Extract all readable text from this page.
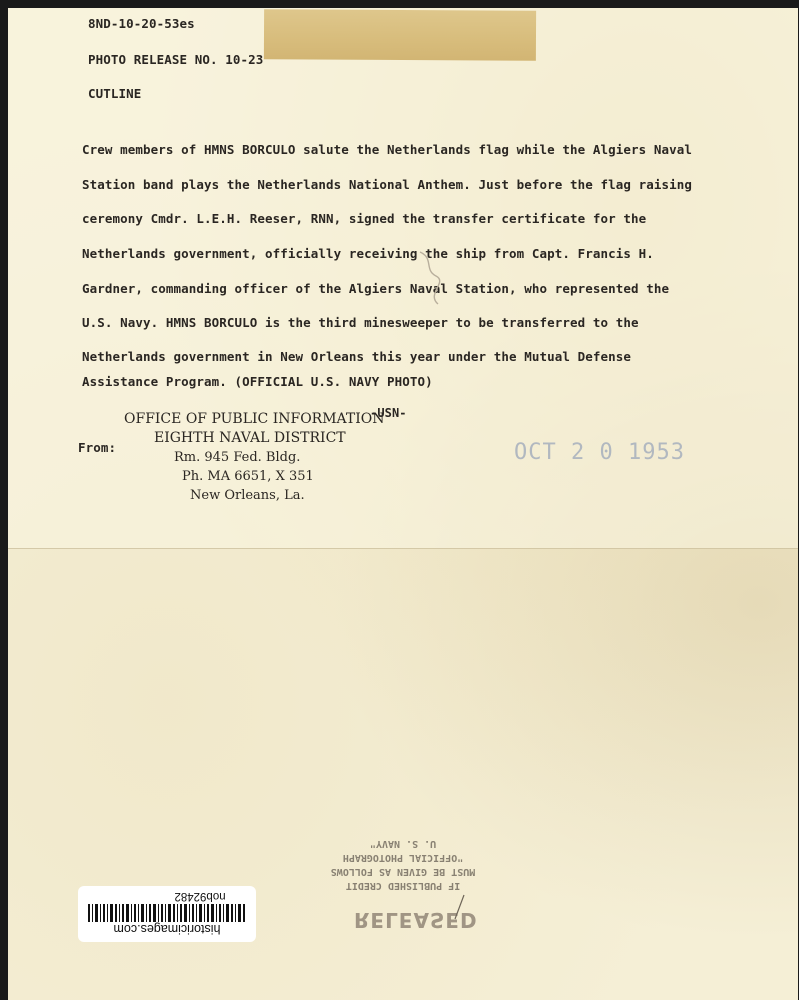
8ND-10-20-53es
PHOTO RELEASE NO. 10-23
CUTLINE
Crew members of HMNS BORCULO salute the Netherlands flag while the Algiers Naval
Station band plays the Netherlands National Anthem. Just before the flag raising
ceremony Cmdr. L.E.H. Reeser, RNN, signed the transfer certificate for the
Netherlands government, officially receiving the ship from Capt. Francis H.
Gardner, commanding officer of the Algiers Naval Station, who represented the
U.S. Navy. HMNS BORCULO is the third minesweeper to be transferred to the
Netherlands government in New Orleans this year under the Mutual Defense
Assistance Program. (OFFICIAL U.S. NAVY PHOTO)
From:
OFFICE OF PUBLIC INFORMATION
-USN-
EIGHTH NAVAL DISTRICT
Rm. 945 Fed. Bldg.
Ph. MA 6651, X 351
New Orleans, La.
OCT 2 0 1953
IF PUBLISHED CREDIT
MUST BE GIVEN AS FOLLOWS
"OFFICIAL PHOTOGRAPH
U. S. NAVY"
RELEASED
nob92482
historicimages.com
